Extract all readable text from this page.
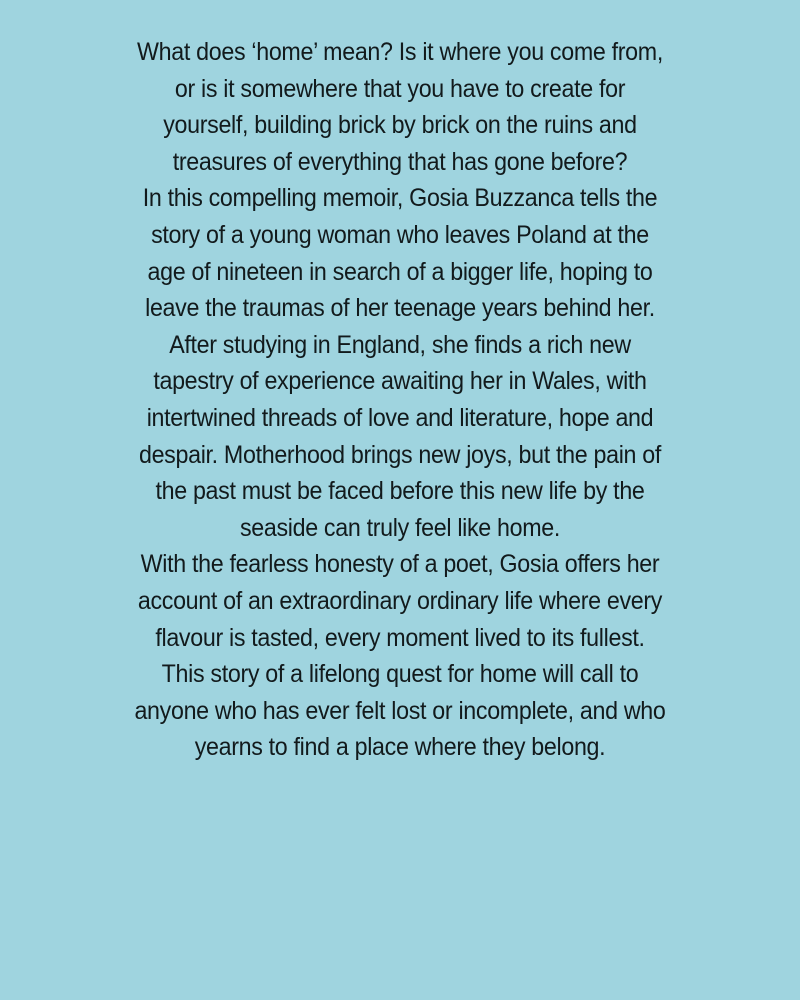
What does ‘home’ mean? Is it where you come from,
or is it somewhere that you have to create for
yourself, building brick by brick on the ruins and
treasures of everything that has gone before?
In this compelling memoir, Gosia Buzzanca tells the
story of a young woman who leaves Poland at the
age of nineteen in search of a bigger life, hoping to
leave the traumas of her teenage years behind her.
After studying in England, she finds a rich new
tapestry of experience awaiting her in Wales, with
intertwined threads of love and literature, hope and
despair. Motherhood brings new joys, but the pain of
the past must be faced before this new life by the
seaside can truly feel like home.
With the fearless honesty of a poet, Gosia offers her
account of an extraordinary ordinary life where every
flavour is tasted, every moment lived to its fullest.
This story of a lifelong quest for home will call to
anyone who has ever felt lost or incomplete, and who
yearns to find a place where they belong.
